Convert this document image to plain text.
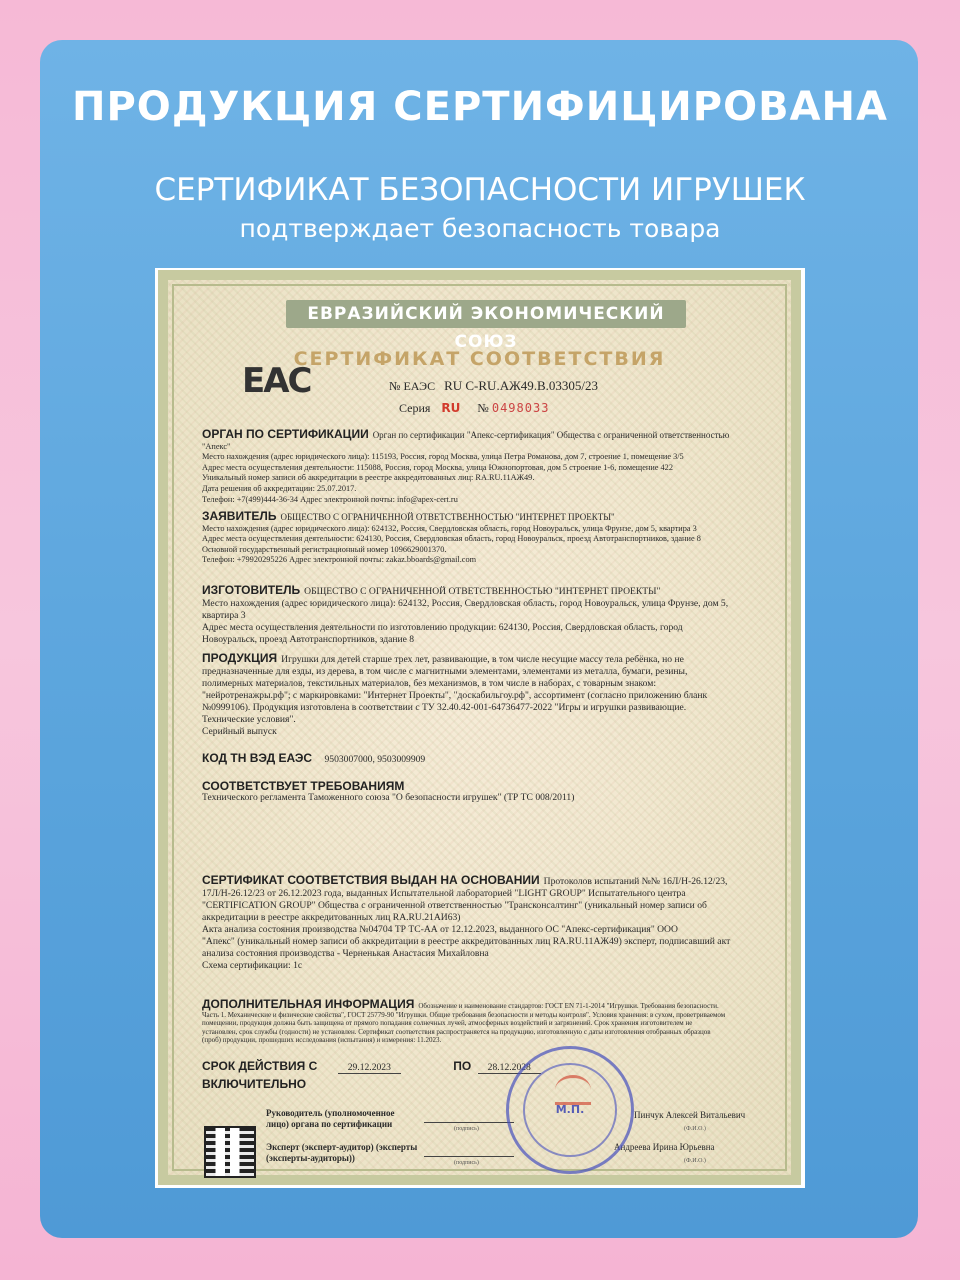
ПРОДУКЦИЯ СЕРТИФИЦИРОВАНА
СЕРТИФИКАТ БЕЗОПАСНОСТИ ИГРУШЕК
подтверждает безопасность товара
ЕВРАЗИЙСКИЙ ЭКОНОМИЧЕСКИЙ СОЮЗ
СЕРТИФИКАТ СООТВЕТСТВИЯ
ЕАС	№ ЕАЭС RU С-RU.АЖ49.В.03305/23
Серия RU № 0498033
ОРГАН ПО СЕРТИФИКАЦИИ Орган по сертификации "Апекс-сертификация" Общества с ограниченной ответственностью
"Апекс"
Место нахождения (адрес юридического лица): 115193, Россия, город Москва, улица Петра Романова, дом 7, строение 1, помещение 3/5
Адрес места осуществления деятельности: 115088, Россия, город Москва, улица Южнопортовая, дом 5 строение 1-6, помещение 422
Уникальный номер записи об аккредитации в реестре аккредитованных лиц: RA.RU.11АЖ49.
Дата решения об аккредитации: 25.07.2017.
Телефон: +7(499)444-36-34 Адрес электронной почты: info@apex-cert.ru
ЗАЯВИТЕЛЬ ОБЩЕСТВО С ОГРАНИЧЕННОЙ ОТВЕТСТВЕННОСТЬЮ "ИНТЕРНЕТ ПРОЕКТЫ"
Место нахождения (адрес юридического лица): 624132, Россия, Свердловская область, город Новоуральск, улица Фрунзе, дом 5, квартира 3
Адрес места осуществления деятельности: 624130, Россия, Свердловская область, город Новоуральск, проезд Автотранспортников, здание 8
Основной государственный регистрационный номер 1096629001370.
Телефон: +79920295226 Адрес электронной почты: zakaz.bboards@gmail.com
ИЗГОТОВИТЕЛЬ ОБЩЕСТВО С ОГРАНИЧЕННОЙ ОТВЕТСТВЕННОСТЬЮ "ИНТЕРНЕТ ПРОЕКТЫ"
Место нахождения (адрес юридического лица): 624132, Россия, Свердловская область, город Новоуральск, улица Фрунзе, дом 5,
квартира 3
Адрес места осуществления деятельности по изготовлению продукции: 624130, Россия, Свердловская область, город
Новоуральск, проезд Автотранспортников, здание 8
ПРОДУКЦИЯ Игрушки для детей старше трех лет, развивающие, в том числе несущие массу тела ребёнка, но не
предназначенные для езды, из дерева, в том числе с магнитными элементами, элементами из металла, бумаги, резины,
полимерных материалов, текстильных материалов, без механизмов, в том числе в наборах, с товарным знаком:
"нейротренажры.рф"; с маркировками: "Интернет Проекты", "доскабильгоу.рф", ассортимент (согласно приложению бланк
№0999106). Продукция изготовлена в соответствии с ТУ 32.40.42-001-64736477-2022 "Игры и игрушки развивающие.
Технические условия".
Серийный выпуск
КОД ТН ВЭД ЕАЭС 9503007000, 9503009909
СООТВЕТСТВУЕТ ТРЕБОВАНИЯМ
Технического регламента Таможенного союза "О безопасности игрушек" (ТР ТС 008/2011)
СЕРТИФИКАТ СООТВЕТСТВИЯ ВЫДАН НА ОСНОВАНИИ Протоколов испытаний №№ 16Л/Н-26.12/23,
17Л/Н-26.12/23 от 26.12.2023 года, выданных Испытательной лабораторией "LIGHT GROUP" Испытательного центра
"CERTIFICATION GROUP" Общества с ограниченной ответственностью "Трансконсалтинг" (уникальный номер записи об
аккредитации в реестре аккредитованных лиц RA.RU.21АИ63)
Акта анализа состояния производства №04704 ТР ТС-АА от 12.12.2023, выданного ОС "Апекс-сертификация" ООО
"Апекс" (уникальный номер записи об аккредитации в реестре аккредитованных лиц RA.RU.11АЖ49) эксперт, подписавший акт
анализа состояния производства - Черненькая Анастасия Михайловна
Схема сертификации: 1с
ДОПОЛНИТЕЛЬНАЯ ИНФОРМАЦИЯ Обозначение и наименование стандартов: ГОСТ EN 71-1-2014 "Игрушки. Требования безопасности.
Часть 1. Механические и физические свойства", ГОСТ 25779-90 "Игрушки. Общие требования безопасности и методы контроля". Условия хранения: в сухом, проветриваемом
помещении, продукция должна быть защищена от прямого попадания солнечных лучей, атмосферных воздействий и загрязнений. Срок хранения изготовителем не
установлен, срок службы (годности) не установлен. Сертификат соответствия распространяется на продукцию, изготовленную с даты изготовления отобранных образцов
(проб) продукции, прошедших исследования (испытания) и измерения: 11.2023.
СРОК ДЕЙСТВИЯ С	29.12.2023	ПО 28.12.2028
ВКЛЮЧИТЕЛЬНО
Руководитель (уполномоченное лицо) органа по сертификации	(подпись)
Пинчук Алексей Витальевич
(Ф.И.О.)
Эксперт (эксперт-аудитор) (эксперты (эксперты-аудиторы))	(подпись)
Андреева Ирина Юрьевна
(Ф.И.О.)
М.П.
